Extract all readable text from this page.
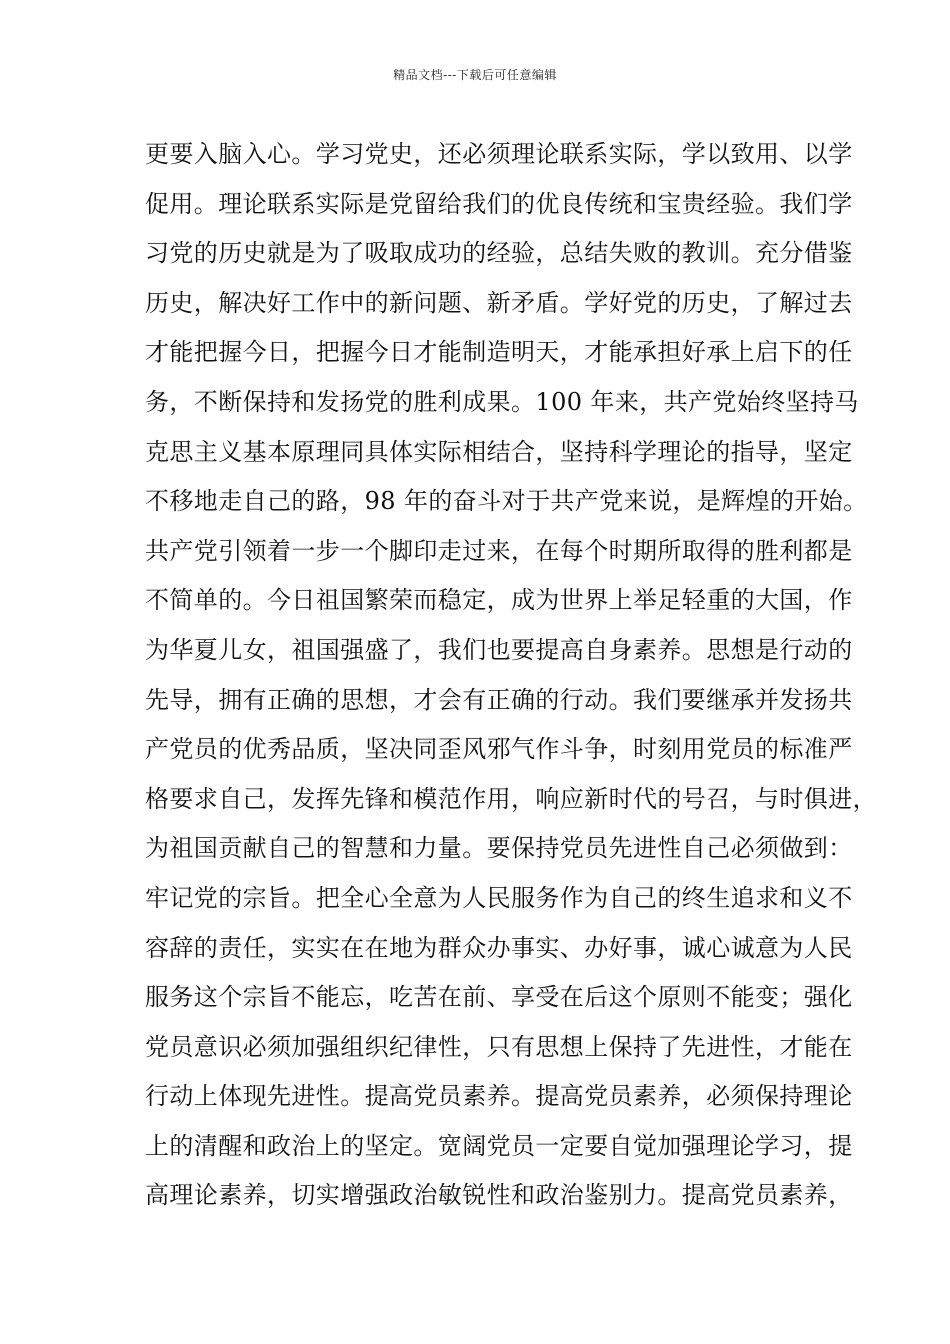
精品文档---下载后可任意编辑
更要入脑入心。学习党史，还必须理论联系实际，学以致用、以学
促用。理论联系实际是党留给我们的优良传统和宝贵经验。我们学
习党的历史就是为了吸取成功的经验，总结失败的教训。充分借鉴
历史，解决好工作中的新问题、新矛盾。学好党的历史，了解过去
才能把握今日，把握今日才能制造明天，才能承担好承上启下的任
务，不断保持和发扬党的胜利成果。100 年来，共产党始终坚持马
克思主义基本原理同具体实际相结合，坚持科学理论的指导，坚定
不移地走自己的路，98 年的奋斗对于共产党来说，是辉煌的开始。
共产党引领着一步一个脚印走过来，在每个时期所取得的胜利都是
不简单的。今日祖国繁荣而稳定，成为世界上举足轻重的大国，作
为华夏儿女，祖国强盛了，我们也要提高自身素养。思想是行动的
先导，拥有正确的思想，才会有正确的行动。我们要继承并发扬共
产党员的优秀品质，坚决同歪风邪气作斗争，时刻用党员的标准严
格要求自己，发挥先锋和模范作用，响应新时代的号召，与时俱进，
为祖国贡献自己的智慧和力量。要保持党员先进性自己必须做到：
牢记党的宗旨。把全心全意为人民服务作为自己的终生追求和义不
容辞的责任，实实在在地为群众办事实、办好事，诚心诚意为人民
服务这个宗旨不能忘，吃苦在前、享受在后这个原则不能变；强化
党员意识必须加强组织纪律性，只有思想上保持了先进性，才能在
行动上体现先进性。提高党员素养。提高党员素养，必须保持理论
上的清醒和政治上的坚定。宽阔党员一定要自觉加强理论学习，提
高理论素养，切实增强政治敏锐性和政治鉴别力。提高党员素养，
